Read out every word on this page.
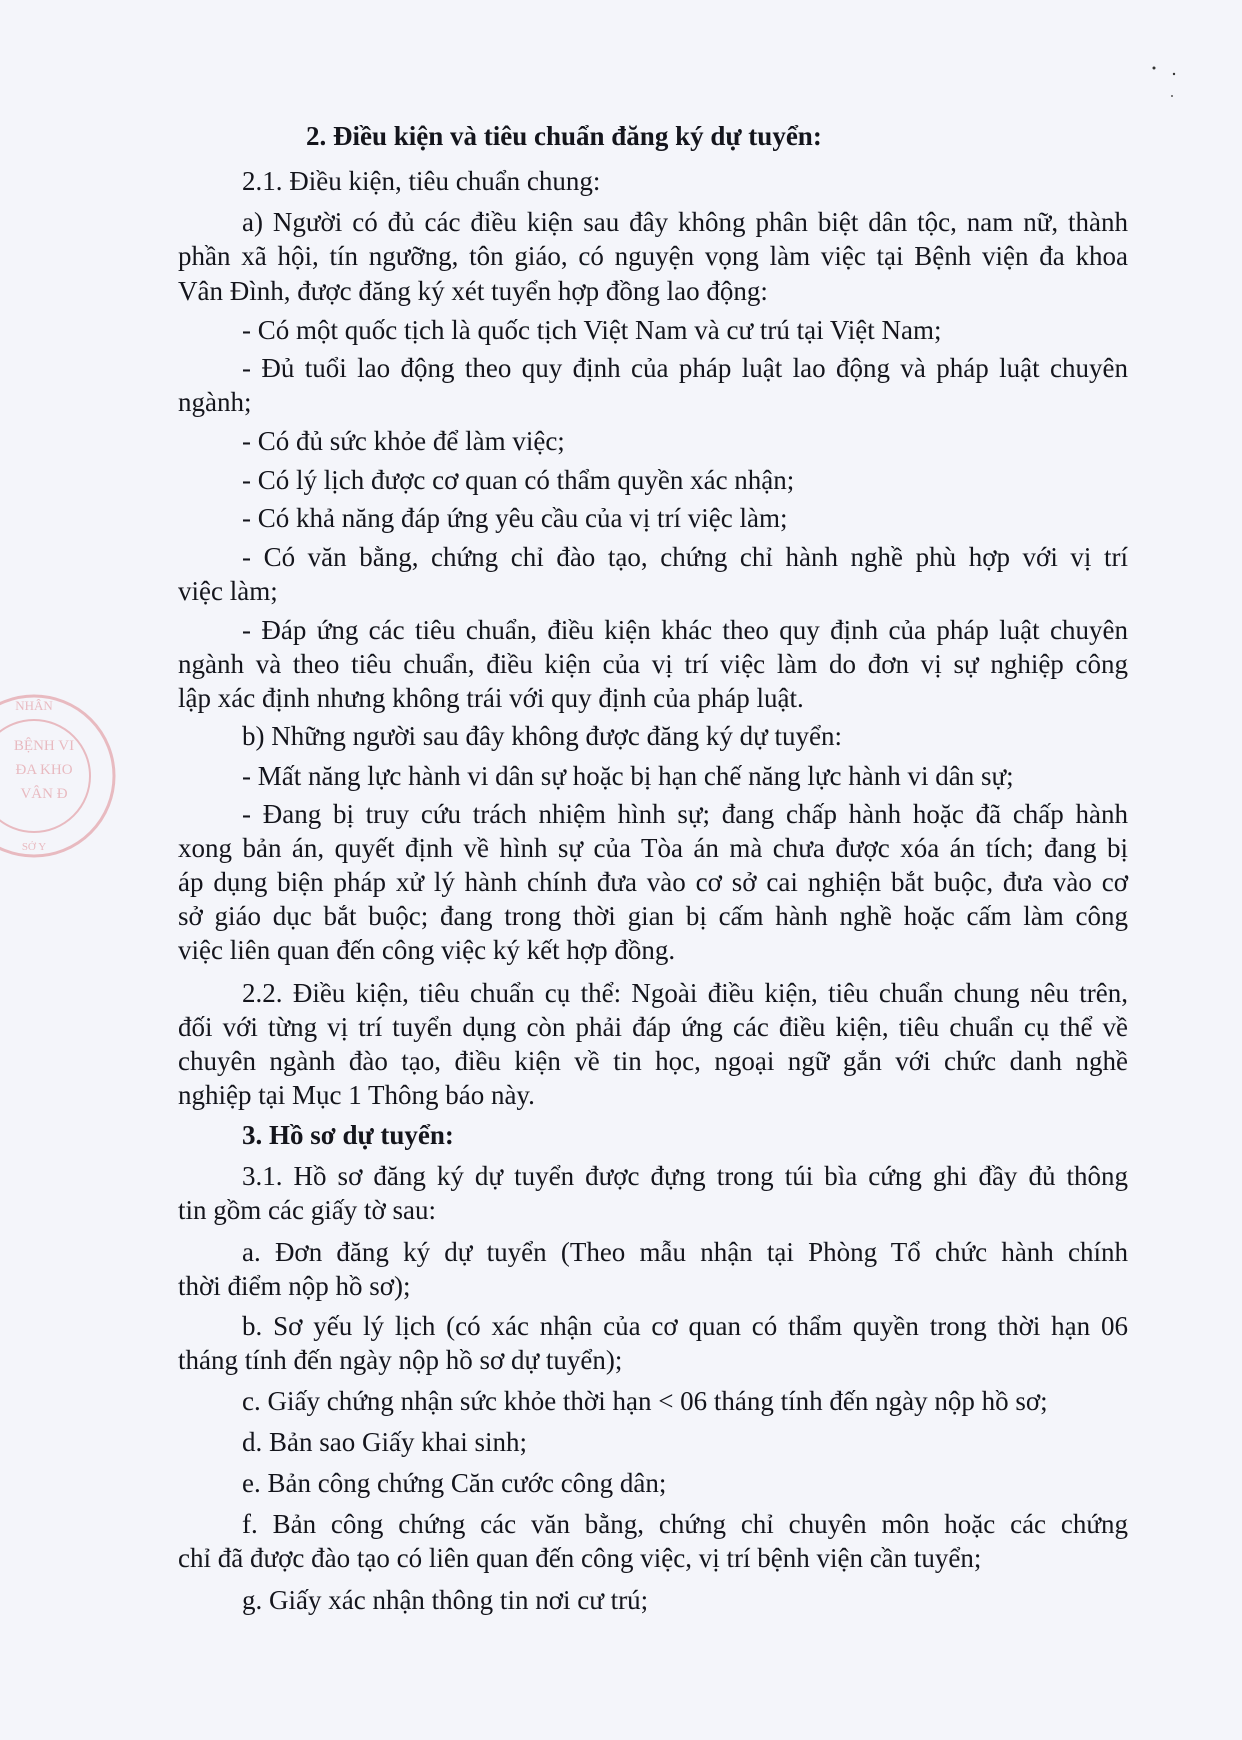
NHÂN
BỆNH VI
ĐA KHO
VÂN Đ
SỞ Y
2. Điều kiện và tiêu chuẩn đăng ký dự tuyển:
2.1. Điều kiện, tiêu chuẩn chung:
a) Người có đủ các điều kiện sau đây không phân biệt dân tộc, nam nữ, thành
phần xã hội, tín ngưỡng, tôn giáo, có nguyện vọng làm việc tại Bệnh viện đa khoa
Vân Đình, được đăng ký xét tuyển hợp đồng lao động:
- Có một quốc tịch là quốc tịch Việt Nam và cư trú tại Việt Nam;
- Đủ tuổi lao động theo quy định của pháp luật lao động và pháp luật chuyên
ngành;
- Có đủ sức khỏe để làm việc;
- Có lý lịch được cơ quan có thẩm quyền xác nhận;
- Có khả năng đáp ứng yêu cầu của vị trí việc làm;
- Có văn bằng, chứng chỉ đào tạo, chứng chỉ hành nghề phù hợp với vị trí
việc làm;
- Đáp ứng các tiêu chuẩn, điều kiện khác theo quy định của pháp luật chuyên
ngành và theo tiêu chuẩn, điều kiện của vị trí việc làm do đơn vị sự nghiệp công
lập xác định nhưng không trái với quy định của pháp luật.
b) Những người sau đây không được đăng ký dự tuyển:
- Mất năng lực hành vi dân sự hoặc bị hạn chế năng lực hành vi dân sự;
- Đang bị truy cứu trách nhiệm hình sự; đang chấp hành hoặc đã chấp hành
xong bản án, quyết định về hình sự của Tòa án mà chưa được xóa án tích; đang bị
áp dụng biện pháp xử lý hành chính đưa vào cơ sở cai nghiện bắt buộc, đưa vào cơ
sở giáo dục bắt buộc; đang trong thời gian bị cấm hành nghề hoặc cấm làm công
việc liên quan đến công việc ký kết hợp đồng.
2.2. Điều kiện, tiêu chuẩn cụ thể: Ngoài điều kiện, tiêu chuẩn chung nêu trên,
đối với từng vị trí tuyển dụng còn phải đáp ứng các điều kiện, tiêu chuẩn cụ thể về
chuyên ngành đào tạo, điều kiện về tin học, ngoại ngữ gắn với chức danh nghề
nghiệp tại Mục 1 Thông báo này.
3. Hồ sơ dự tuyển:
3.1. Hồ sơ đăng ký dự tuyển được đựng trong túi bìa cứng ghi đầy đủ thông
tin gồm các giấy tờ sau:
a. Đơn đăng ký dự tuyển (Theo mẫu nhận tại Phòng Tổ chức hành chính
thời điểm nộp hồ sơ);
b. Sơ yếu lý lịch (có xác nhận của cơ quan có thẩm quyền trong thời hạn 06
tháng tính đến ngày nộp hồ sơ dự tuyển);
c. Giấy chứng nhận sức khỏe thời hạn < 06 tháng tính đến ngày nộp hồ sơ;
d. Bản sao Giấy khai sinh;
e. Bản công chứng Căn cước công dân;
f. Bản công chứng các văn bằng, chứng chỉ chuyên môn hoặc các chứng
chỉ đã được đào tạo có liên quan đến công việc, vị trí bệnh viện cần tuyển;
g. Giấy xác nhận thông tin nơi cư trú;
